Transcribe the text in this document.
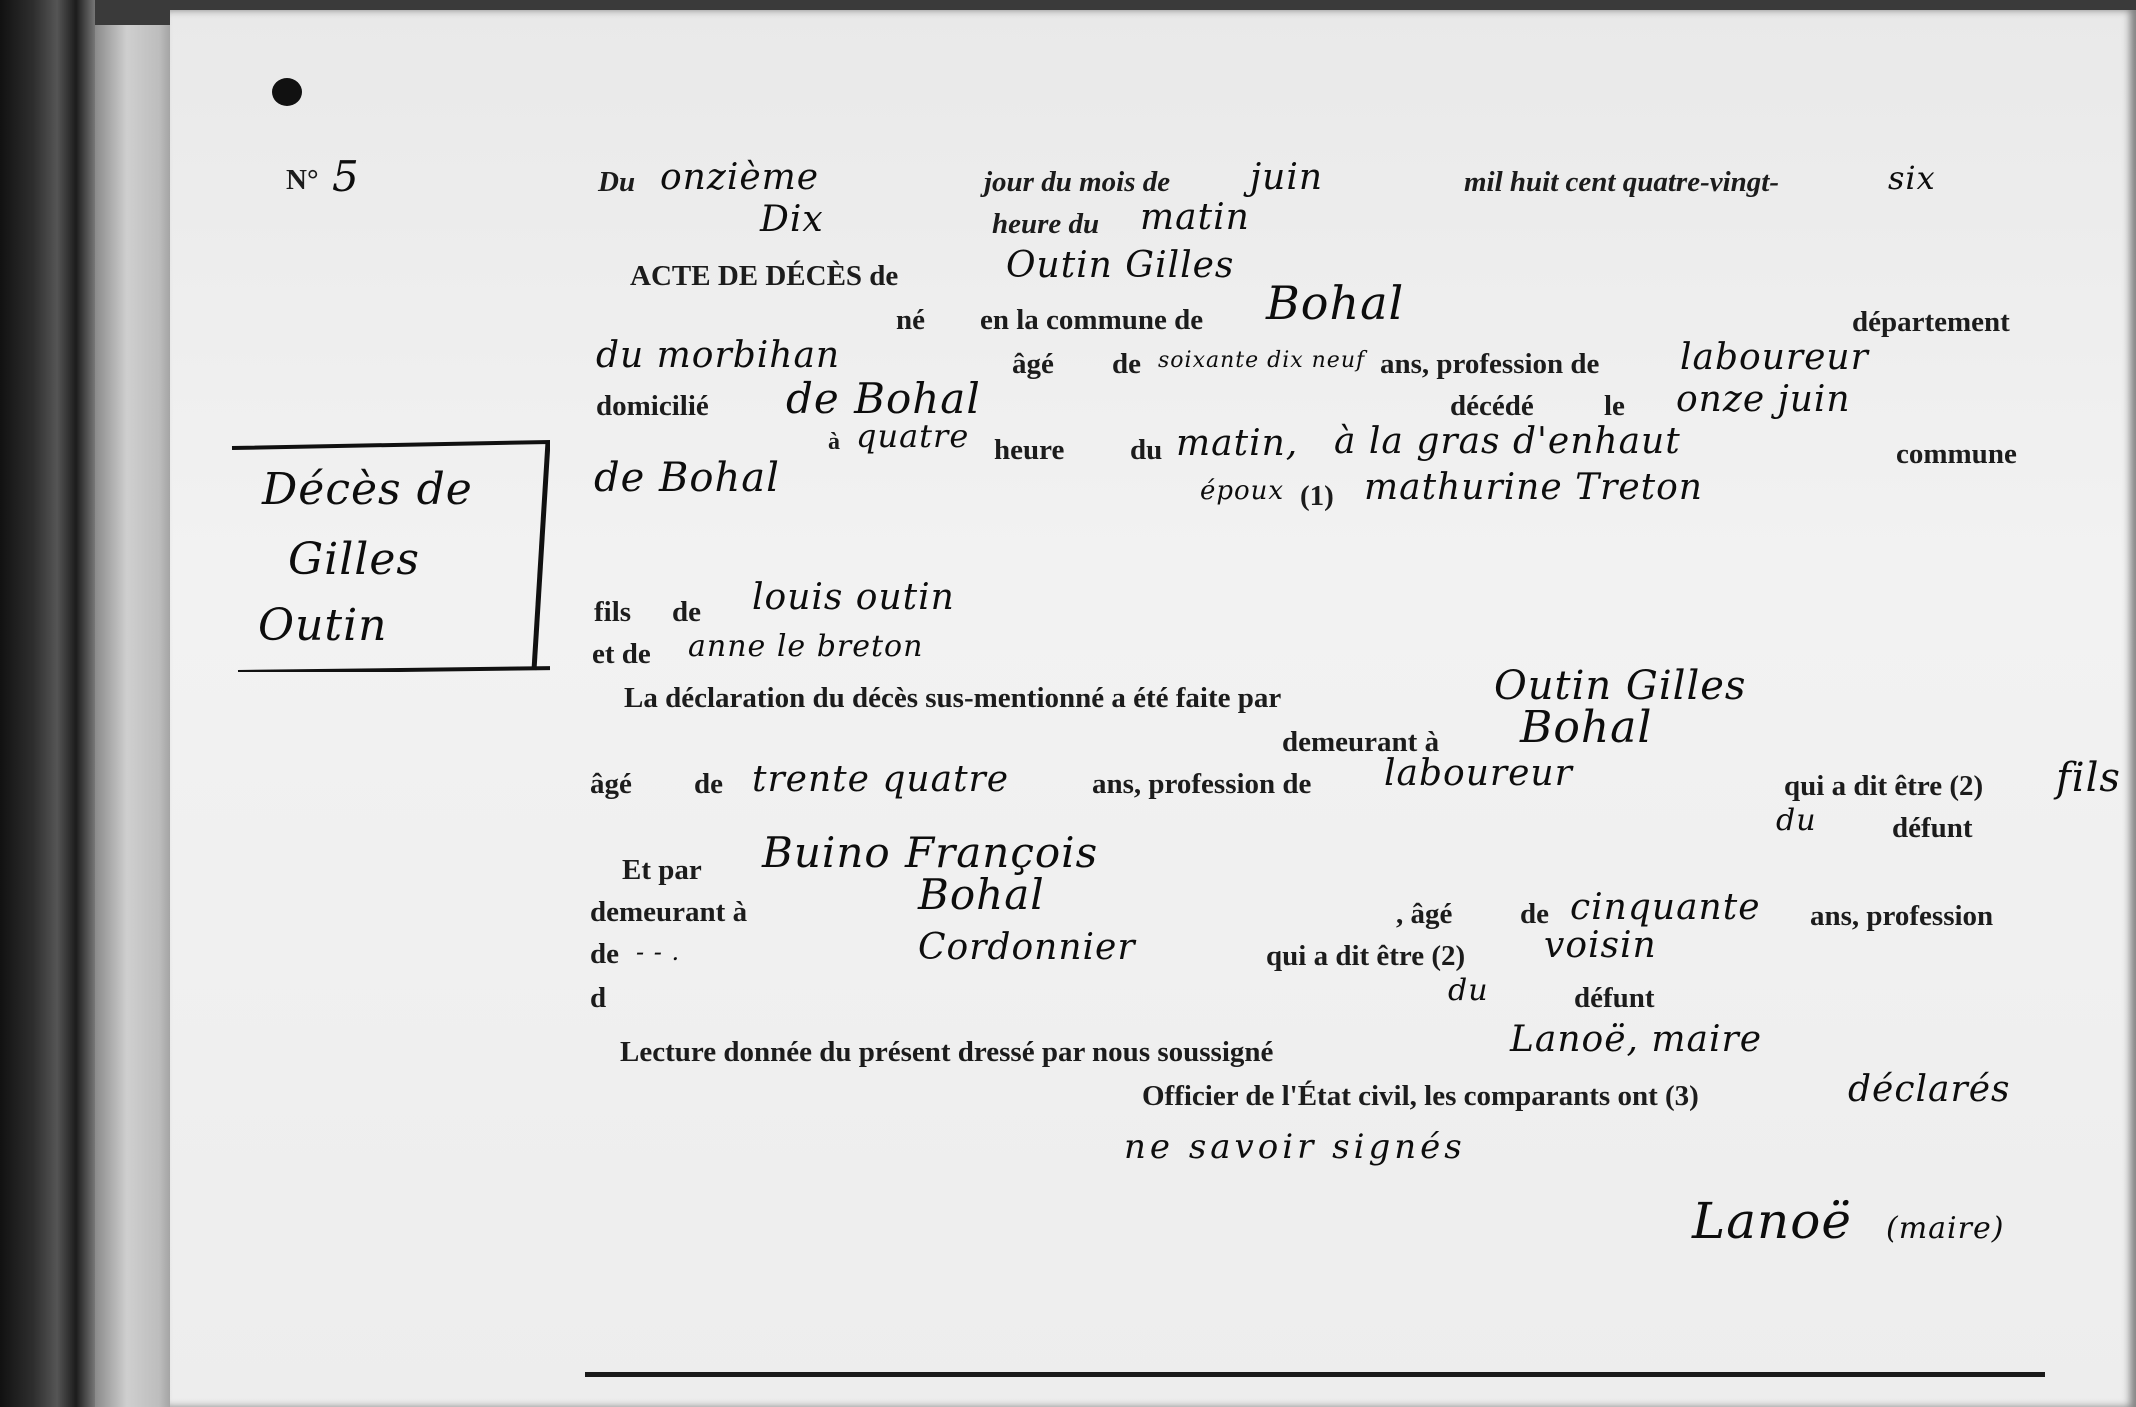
N° 5	Du onzième	jour du mois de juin	mil huit cent quatre-vingt-	six
Dix	heure du matin
ACTE DE DÉCÈS de	Outin Gilles
né en la commune de Bohal	département
du morbihan	âgé de soixante dix neuf ans, profession de laboureur
domicilié de Bohal	décédé le onze juin
à quatre heure du matin, à la gras d'enhaut	commune
de Bohal	époux (1) mathurine Treton
Décès de
Gilles
Outin	fils de louis outin
et de anne le breton
La déclaration du décès sus-mentionné a été faite par	Outin Gilles
demeurant à Bohal
âgé de trente quatre	ans, profession de laboureur	qui a dit être (2) fils
du	défunt
Et par Buino François
demeurant à	Bohal	, âgé de cinquante ans, profession
de - - .	Cordonnier	qui a dit être (2) voisin
d	du	défunt
Lecture donnée du présent dressé par nous soussigné	Lanoë, maire
Officier de l'État civil, les comparants ont (3)	déclarés
ne savoir signés
Lanoë (maire)
